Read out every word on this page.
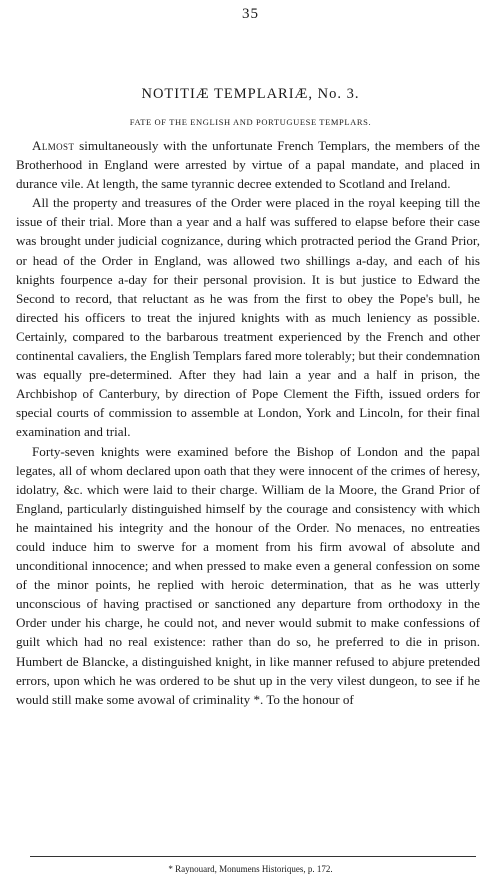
35
NOTITIÆ TEMPLARIÆ, No. 3.
FATE OF THE ENGLISH AND PORTUGUESE TEMPLARS.

Almost simultaneously with the unfortunate French Templars, the members of the Brotherhood in England were arrested by virtue of a papal mandate, and placed in durance vile. At length, the same tyrannic decree extended to Scotland and Ireland.

All the property and treasures of the Order were placed in the royal keeping till the issue of their trial. More than a year and a half was suffered to elapse before their case was brought under judicial cognizance, during which protracted period the Grand Prior, or head of the Order in England, was allowed two shillings a-day, and each of his knights fourpence a-day for their personal provision. It is but justice to Edward the Second to record, that reluctant as he was from the first to obey the Pope's bull, he directed his officers to treat the injured knights with as much leniency as possible. Certainly, compared to the barbarous treatment experienced by the French and other continental cavaliers, the English Templars fared more tolerably; but their condemnation was equally pre-determined. After they had lain a year and a half in prison, the Archbishop of Canterbury, by direction of Pope Clement the Fifth, issued orders for special courts of commission to assemble at London, York and Lincoln, for their final examination and trial.

Forty-seven knights were examined before the Bishop of London and the papal legates, all of whom declared upon oath that they were innocent of the crimes of heresy, idolatry, &c. which were laid to their charge. William de la Moore, the Grand Prior of England, particularly distinguished himself by the courage and consistency with which he maintained his integrity and the honour of the Order. No menaces, no entreaties could induce him to swerve for a moment from his firm avowal of absolute and unconditional innocence; and when pressed to make even a general confession on some of the minor points, he replied with heroic determination, that as he was utterly unconscious of having practised or sanctioned any departure from orthodoxy in the Order under his charge, he could not, and never would submit to make confessions of guilt which had no real existence: rather than do so, he preferred to die in prison. Humbert de Blancke, a distinguished knight, in like manner refused to abjure pretended errors, upon which he was ordered to be shut up in the very vilest dungeon, to see if he would still make some avowal of criminality *. To the honour of

* Raynouard, Monumens Historiques, p. 172.
